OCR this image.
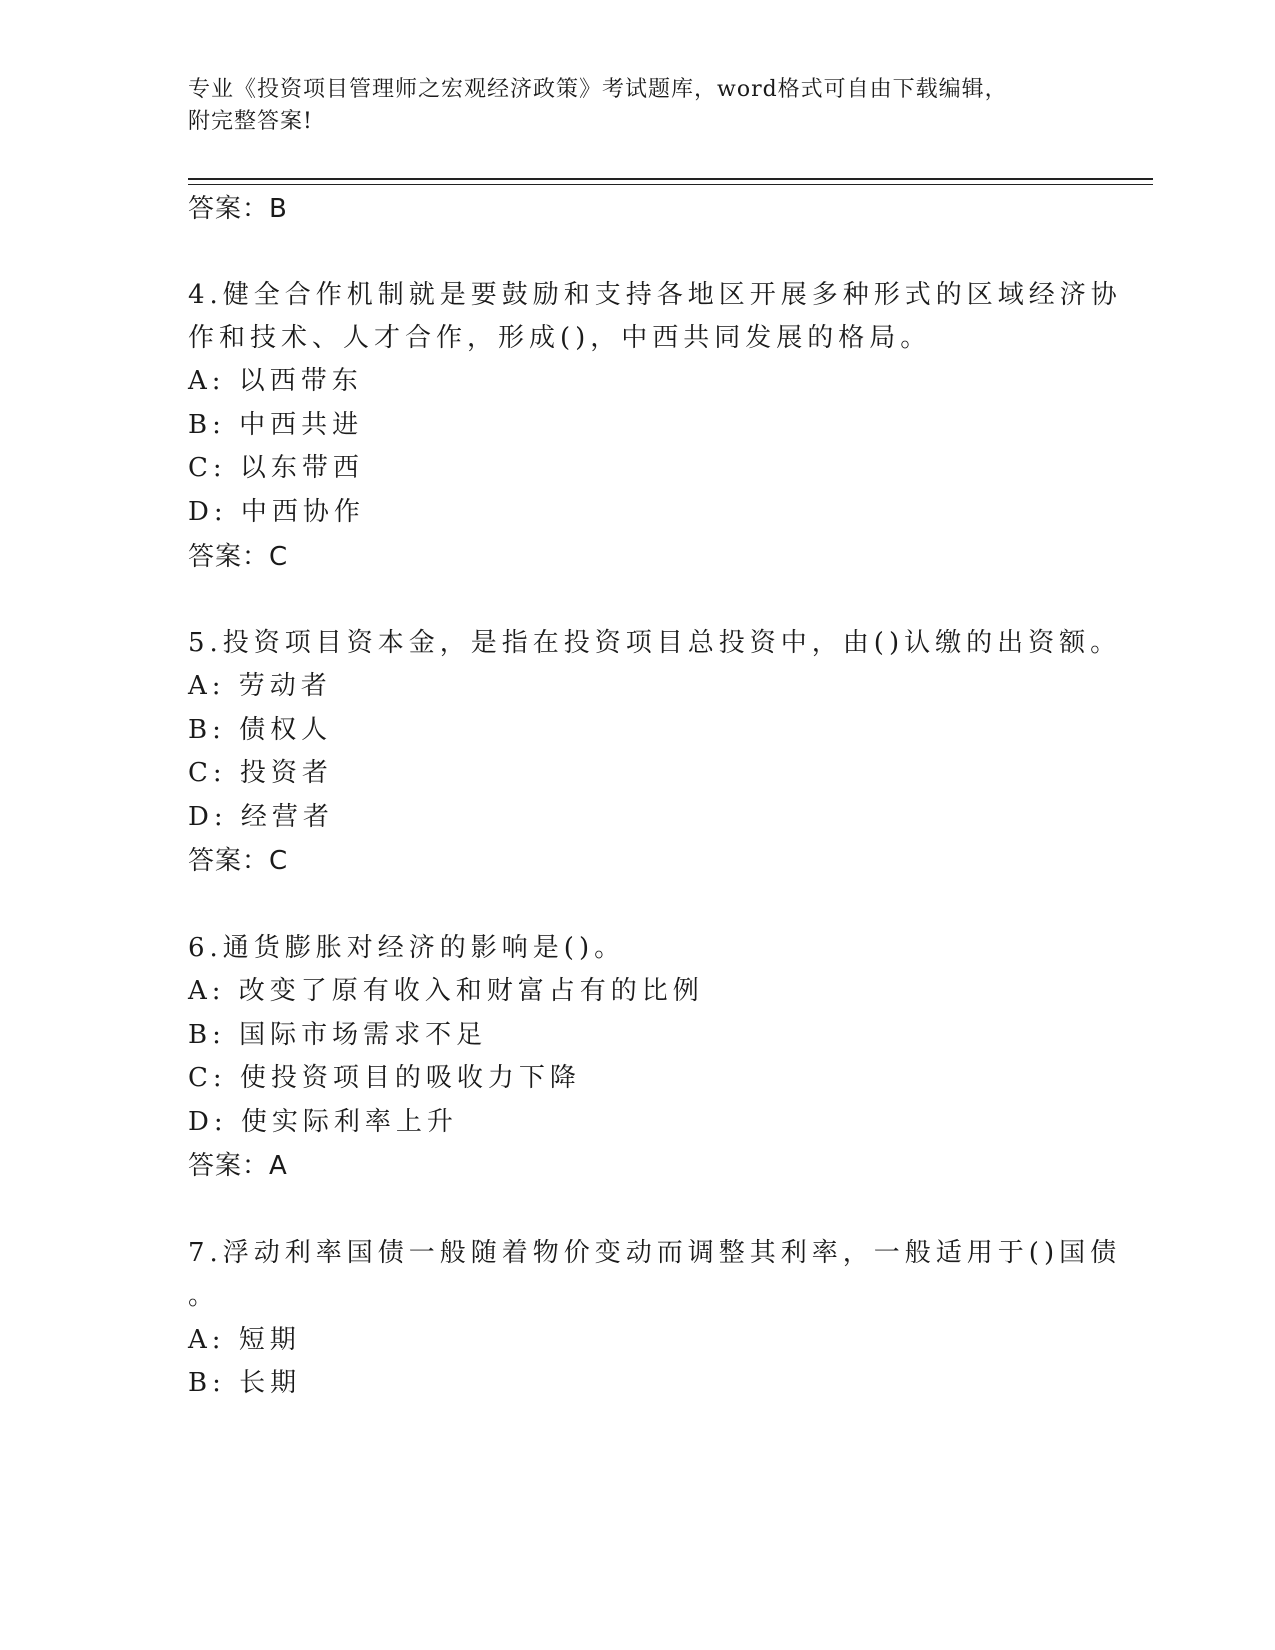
专业《投资项目管理师之宏观经济政策》考试题库，word格式可自由下载编辑，
附完整答案!
答案：B
4.健全合作机制就是要鼓励和支持各地区开展多种形式的区域经济协
作和技术、人才合作，形成()，中西共同发展的格局。
A: 以西带东
B: 中西共进
C: 以东带西
D: 中西协作
答案：C
5.投资项目资本金，是指在投资项目总投资中，由()认缴的出资额。
A: 劳动者
B: 债权人
C: 投资者
D: 经营者
答案：C
6.通货膨胀对经济的影响是()。
A: 改变了原有收入和财富占有的比例
B: 国际市场需求不足
C: 使投资项目的吸收力下降
D: 使实际利率上升
答案：A
7.浮动利率国债一般随着物价变动而调整其利率，一般适用于()国债
。
A: 短期
B: 长期
